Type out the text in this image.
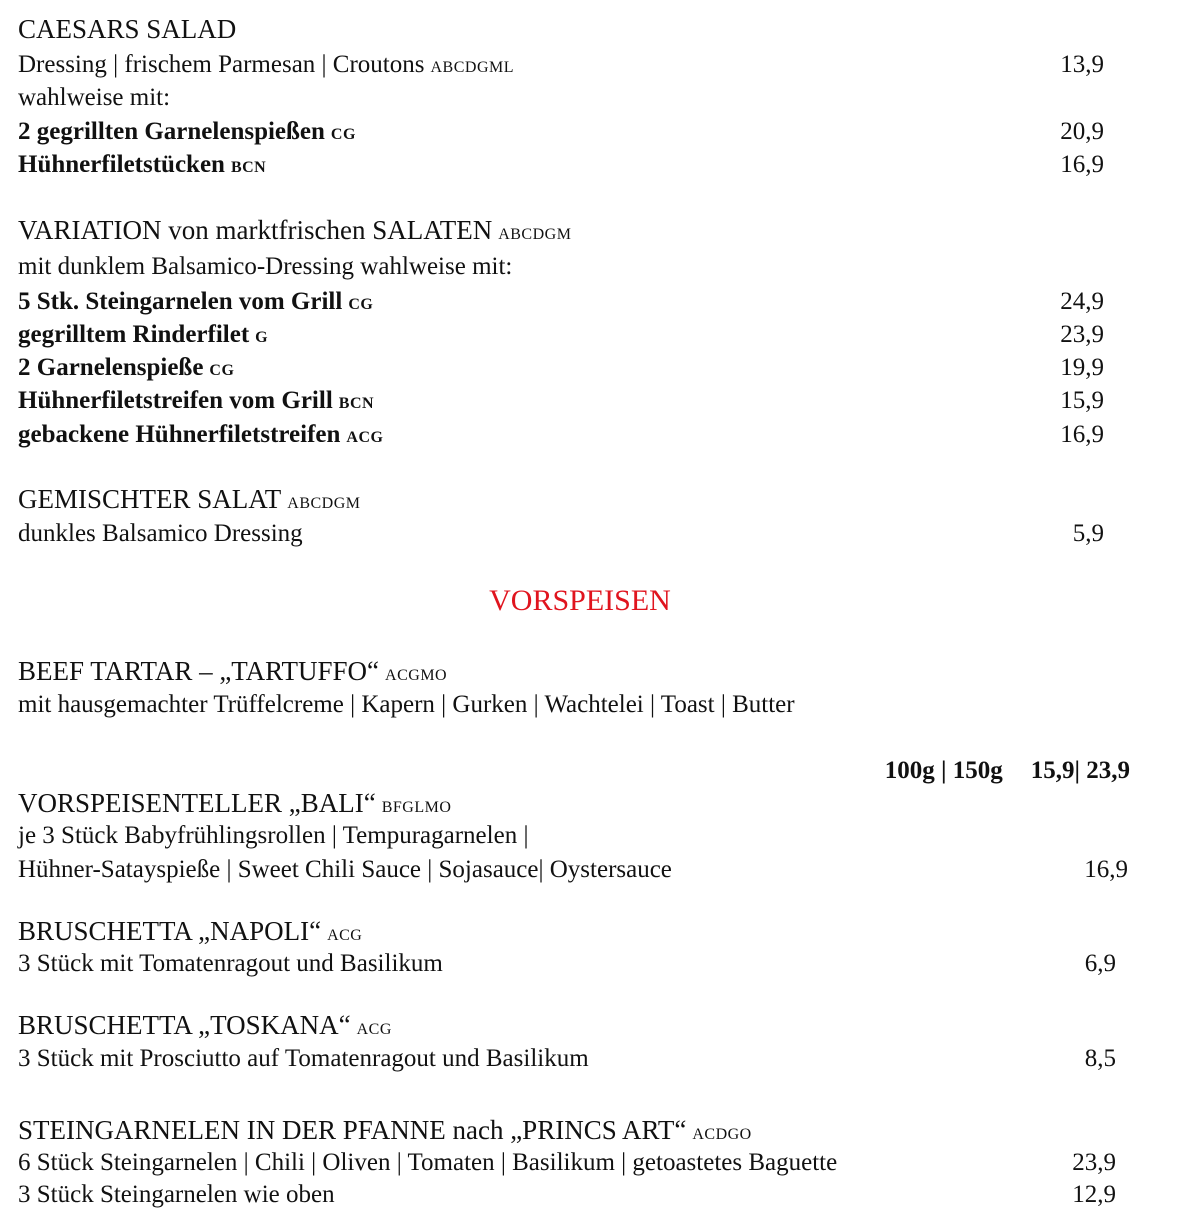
CAESARS SALAD
Dressing | frischem Parmesan | Croutons ABCDGML	13,9
wahlweise mit:
2 gegrillten Garnelenspießen CG	20,9
Hühnerfiletstücken BCN	16,9
VARIATION von marktfrischen SALATEN ABCDGM
mit dunklem Balsamico-Dressing wahlweise mit:
5 Stk. Steingarnelen vom Grill CG	24,9
gegrilltem Rinderfilet G	23,9
2 Garnelenspieße CG	19,9
Hühnerfiletstreifen vom Grill BCN	15,9
gebackene Hühnerfiletstreifen ACG	16,9
GEMISCHTER SALAT ABCDGM
dunkles Balsamico Dressing	5,9
VORSPEISEN
BEEF TARTAR – „TARTUFFO“ ACGMO
mit hausgemachter Trüffelcreme | Kapern | Gurken | Wachtelei | Toast | Butter
100g | 150g 15,9| 23,9
VORSPEISENTELLER „BALI“ BFGLMO
je 3 Stück Babyfrühlingsrollen | Tempuragarnelen |
Hühner-Satayspieße | Sweet Chili Sauce | Sojasauce| Oystersauce	16,9
BRUSCHETTA „NAPOLI“ ACG
3 Stück mit Tomatenragout und Basilikum	6,9
BRUSCHETTA „TOSKANA“ ACG
3 Stück mit Prosciutto auf Tomatenragout und Basilikum	8,5
STEINGARNELEN IN DER PFANNE nach „PRINCS ART“ ACDGO
6 Stück Steingarnelen | Chili | Oliven | Tomaten | Basilikum | getoastetes Baguette	23,9
3 Stück Steingarnelen wie oben	12,9
